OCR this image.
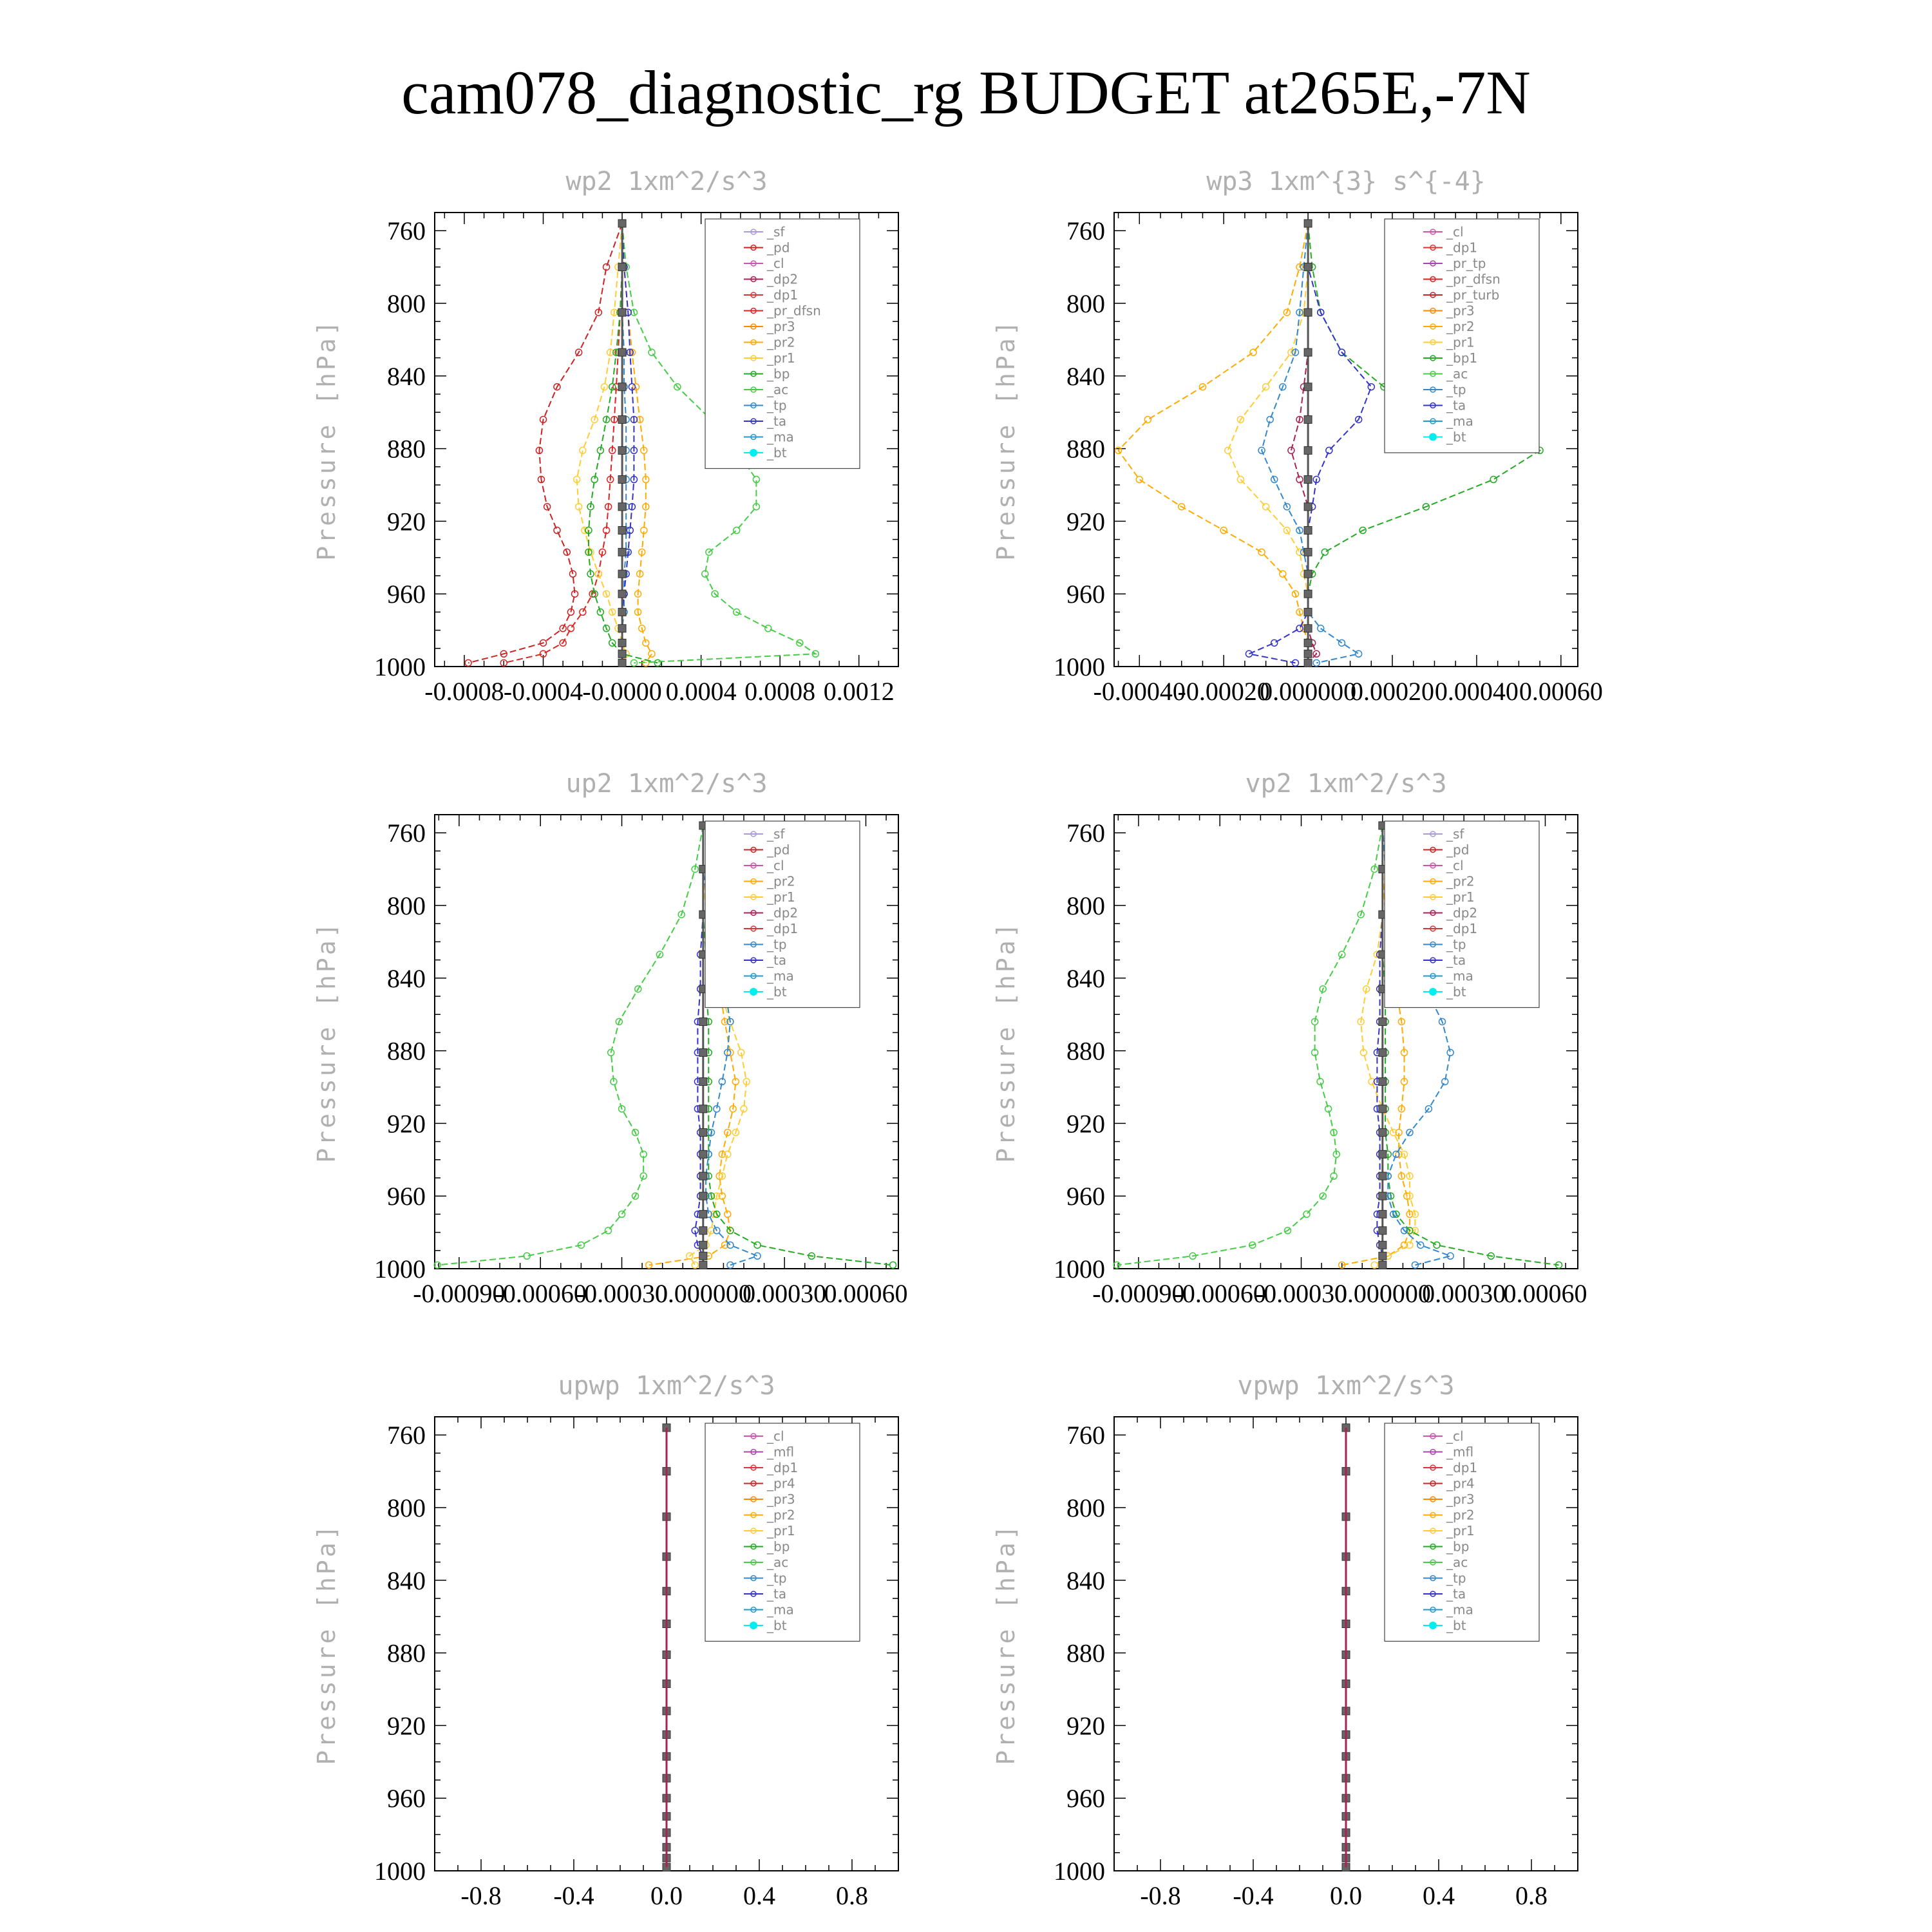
cam078_diagnostic_rg BUDGET at265E,-7N
wp2 1xm^2/s^3
Pressure [hPa]
760
800
840
880
920
960
1000
-0.0008 -0.0004 -0.0000 0.0004 0.0008 0.0012
_sf
_pd
_cl
_dp2
_dp1
_pr_dfsn
_pr3
_pr2
_pr1
_bp
_ac
_tp
_ta
_ma
_bt
wp3 1xm^{3} s^{-4}
Pressure [hPa]
760
800
840
880
920
960
1000
-0.00040
-0.00020
0.000000
0.00020 0.00040 0.00060
_cl
_dp1
_pr_tp
_pr_dfsn
_pr_turb
_pr3
_pr2
_pr1
_bp1
_ac
_tp
_ta
_ma
_bt
up2 1xm^2/s^3
Pressure [hPa]
760
800
840
880
920
960
1000
-0.00090
-0.00060
-0.00030
0.000000
0.00030
0.00060
_sf
_pd
_cl
_pr2
_pr1
_dp2
_dp1
_tp
_ta
_ma
_bt
vp2 1xm^2/s^3
Pressure [hPa]
760
800
840
880
920
960
1000
-0.00090
-0.00060
-0.00030
0.000000
0.00030
0.00060
_sf
_pd
_cl
_pr2
_pr1
_dp2
_dp1
_tp
_ta
_ma
_bt
upwp 1xm^2/s^3
Pressure [hPa]
760
800
840
880
920
960
1000
-0.8 -0.4 0.0 0.4 0.8
_cl
_mfl
_dp1
_pr4
_pr3
_pr2
_pr1
_bp
_ac
_tp
_ta
_ma
_bt
vpwp 1xm^2/s^3
Pressure [hPa]
760
800
840
880
920
960
1000
-0.8 -0.4 0.0 0.4 0.8
_cl
_mfl
_dp1
_pr4
_pr3
_pr2
_pr1
_bp
_ac
_tp
_ta
_ma
_bt
